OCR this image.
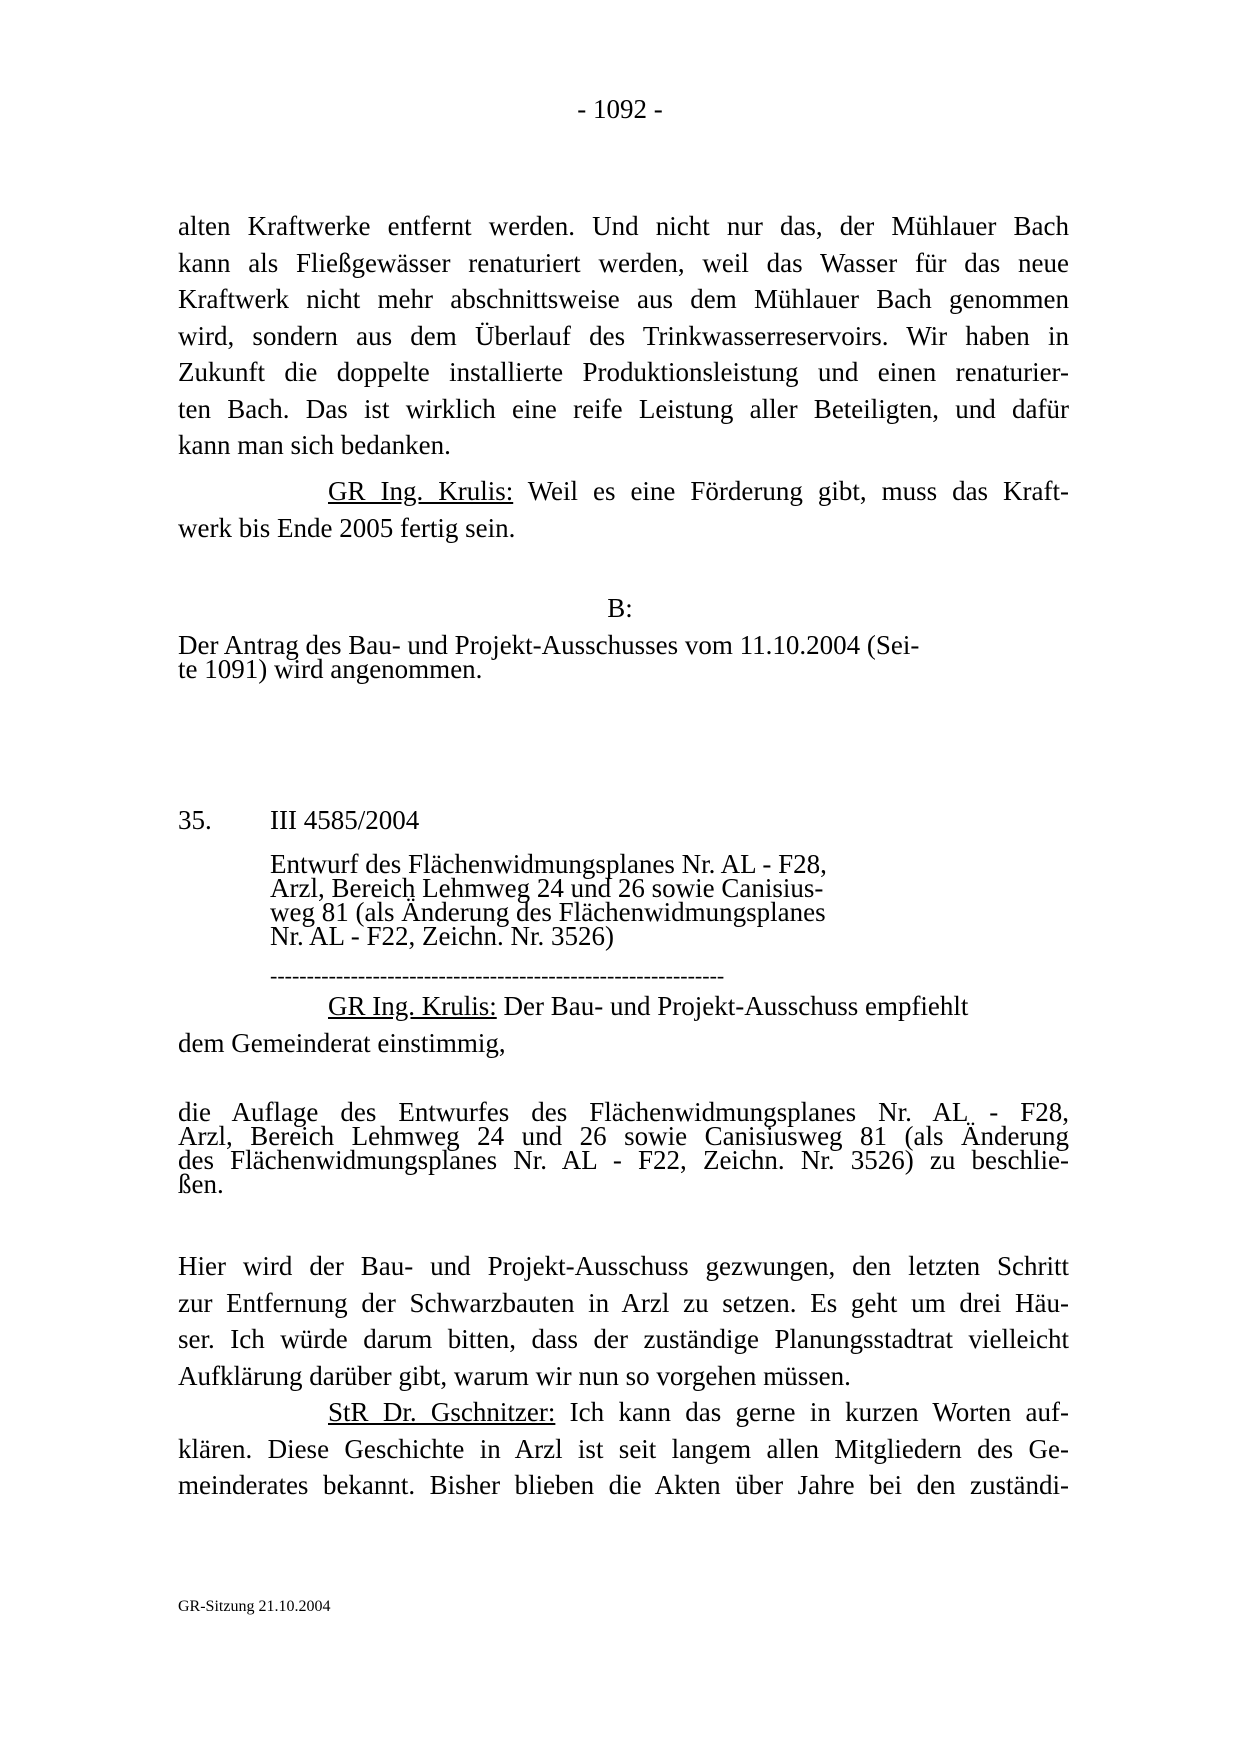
- 1092 -
alten Kraftwerke entfernt werden. Und nicht nur das, der Mühlauer Bach
kann als Fließgewässer renaturiert werden, weil das Wasser für das neue
Kraftwerk nicht mehr abschnittsweise aus dem Mühlauer Bach genommen
wird, sondern aus dem Überlauf des Trinkwasserreservoirs. Wir haben in
Zukunft die doppelte installierte Produktionsleistung und einen renaturier-
ten Bach. Das ist wirklich eine reife Leistung aller Beteiligten, und dafür
kann man sich bedanken.
GR Ing. Krulis: Weil es eine Förderung gibt, muss das Kraft-
werk bis Ende 2005 fertig sein.
B:
Der Antrag des Bau- und Projekt-Ausschusses vom 11.10.2004 (Sei-
te 1091) wird angenommen.
35. III 4585/2004
Entwurf des Flächenwidmungsplanes Nr. AL - F28,
Arzl, Bereich Lehmweg 24 und 26 sowie Canisius-
weg 81 (als Änderung des Flächenwidmungsplanes
Nr. AL - F22, Zeichn. Nr. 3526)
--------------------------------------------------------------
GR Ing. Krulis: Der Bau- und Projekt-Ausschuss empfiehlt
dem Gemeinderat einstimmig,
die Auflage des Entwurfes des Flächenwidmungsplanes Nr. AL - F28,
Arzl, Bereich Lehmweg 24 und 26 sowie Canisiusweg 81 (als Änderung
des Flächenwidmungsplanes Nr. AL - F22, Zeichn. Nr. 3526) zu beschlie-
ßen.
Hier wird der Bau- und Projekt-Ausschuss gezwungen, den letzten Schritt
zur Entfernung der Schwarzbauten in Arzl zu setzen. Es geht um drei Häu-
ser. Ich würde darum bitten, dass der zuständige Planungsstadtrat vielleicht
Aufklärung darüber gibt, warum wir nun so vorgehen müssen.
StR Dr. Gschnitzer: Ich kann das gerne in kurzen Worten auf-
klären. Diese Geschichte in Arzl ist seit langem allen Mitgliedern des Ge-
meinderates bekannt. Bisher blieben die Akten über Jahre bei den zuständi-
GR-Sitzung 21.10.2004
